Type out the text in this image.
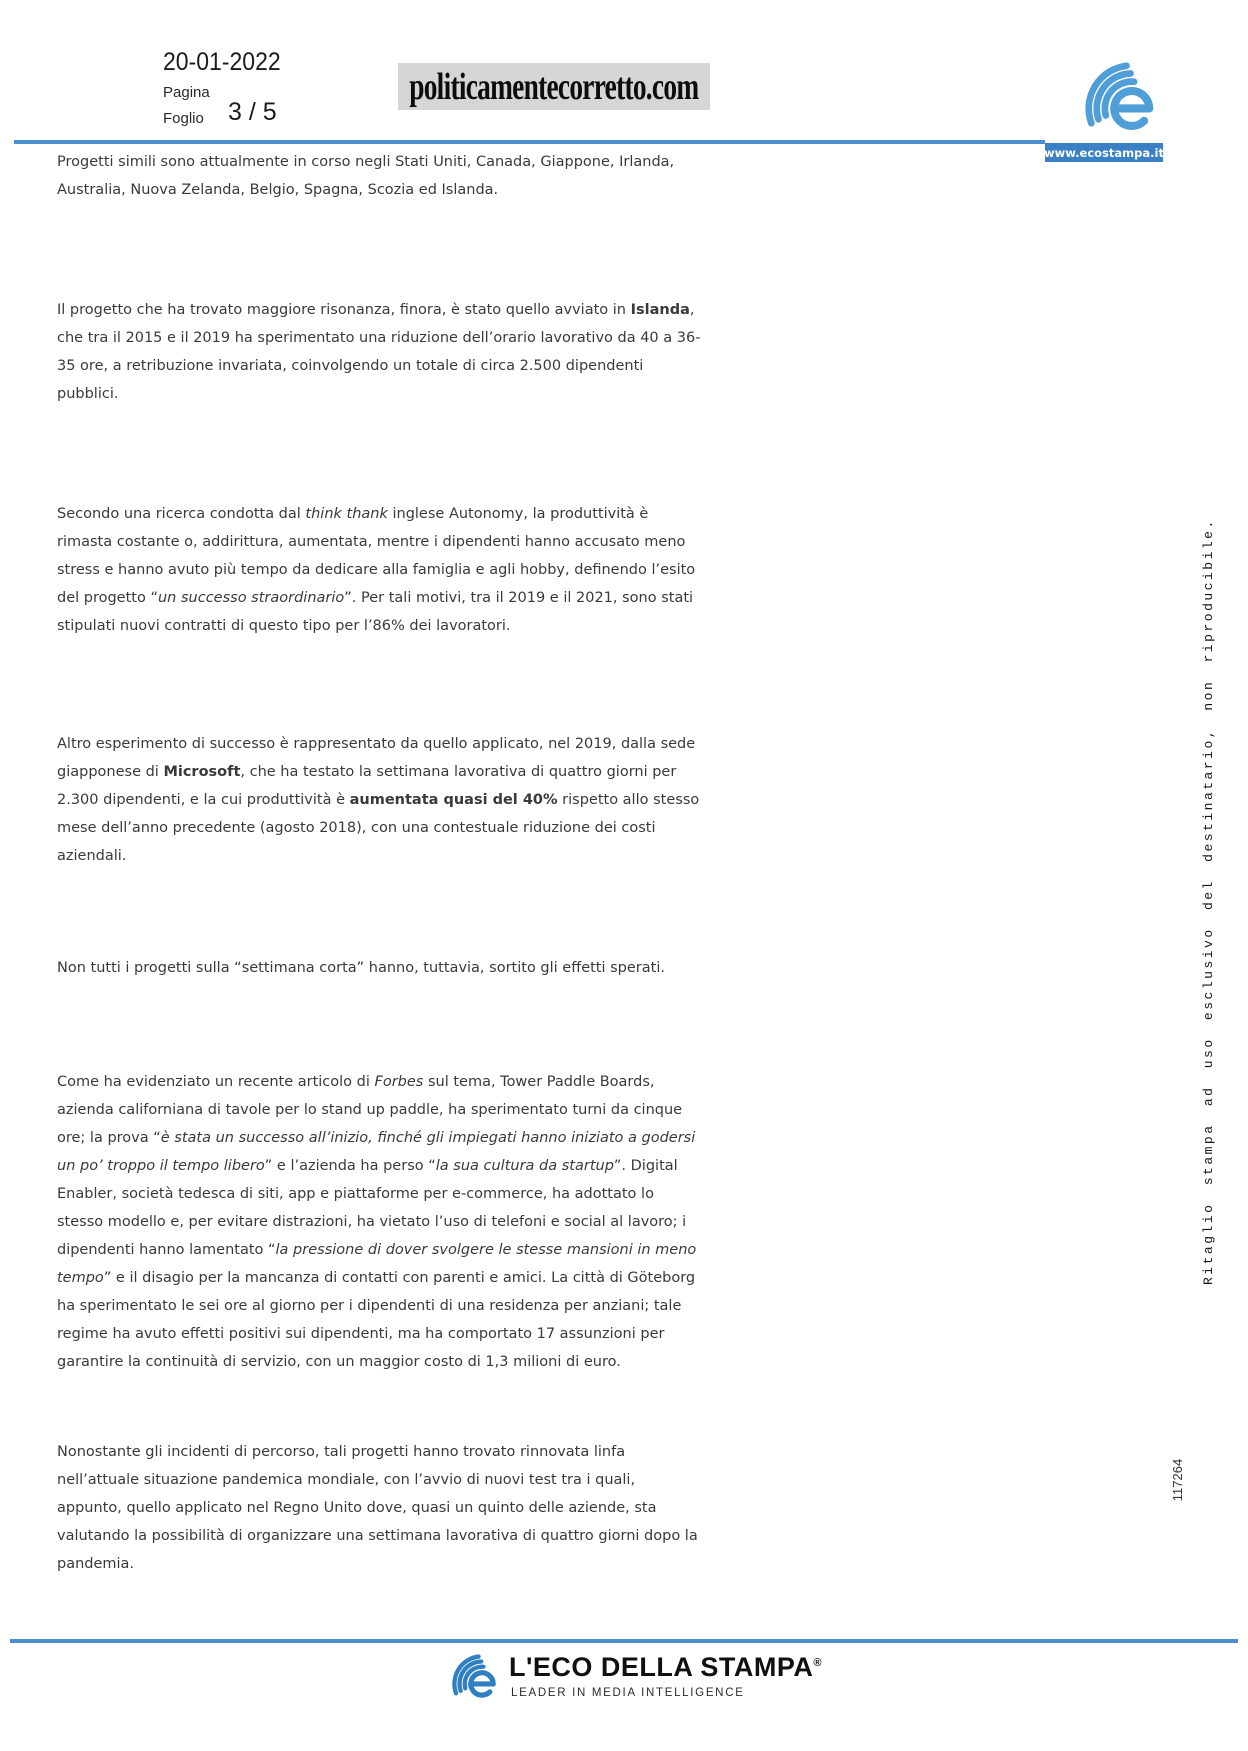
20-01-2022
Pagina
Foglio 3 / 5
politicamentecorretto.com
www.ecostampa.it
Progetti simili sono attualmente in corso negli Stati Uniti, Canada, Giappone, Irlanda, Australia, Nuova Zelanda, Belgio, Spagna, Scozia ed Islanda.
Il progetto che ha trovato maggiore risonanza, finora, è stato quello avviato in Islanda, che tra il 2015 e il 2019 ha sperimentato una riduzione dell’orario lavorativo da 40 a 36-35 ore, a retribuzione invariata, coinvolgendo un totale di circa 2.500 dipendenti pubblici.
Secondo una ricerca condotta dal think thank inglese Autonomy, la produttività è rimasta costante o, addirittura, aumentata, mentre i dipendenti hanno accusato meno stress e hanno avuto più tempo da dedicare alla famiglia e agli hobby, definendo l’esito del progetto “un successo straordinario”. Per tali motivi, tra il 2019 e il 2021, sono stati stipulati nuovi contratti di questo tipo per l’86% dei lavoratori.
Altro esperimento di successo è rappresentato da quello applicato, nel 2019, dalla sede giapponese di Microsoft, che ha testato la settimana lavorativa di quattro giorni per 2.300 dipendenti, e la cui produttività è aumentata quasi del 40% rispetto allo stesso mese dell’anno precedente (agosto 2018), con una contestuale riduzione dei costi aziendali.
Non tutti i progetti sulla “settimana corta” hanno, tuttavia, sortito gli effetti sperati.
Come ha evidenziato un recente articolo di Forbes sul tema, Tower Paddle Boards, azienda californiana di tavole per lo stand up paddle, ha sperimentato turni da cinque ore; la prova “è stata un successo all’inizio, finché gli impiegati hanno iniziato a godersi un po’ troppo il tempo libero” e l’azienda ha perso “la sua cultura da startup”. Digital Enabler, società tedesca di siti, app e piattaforme per e-commerce, ha adottato lo stesso modello e, per evitare distrazioni, ha vietato l’uso di telefoni e social al lavoro; i dipendenti hanno lamentato “la pressione di dover svolgere le stesse mansioni in meno tempo” e il disagio per la mancanza di contatti con parenti e amici. La città di Göteborg ha sperimentato le sei ore al giorno per i dipendenti di una residenza per anziani; tale regime ha avuto effetti positivi sui dipendenti, ma ha comportato 17 assunzioni per garantire la continuità di servizio, con un maggior costo di 1,3 milioni di euro.
Nonostante gli incidenti di percorso, tali progetti hanno trovato rinnovata linfa nell’attuale situazione pandemica mondiale, con l’avvio di nuovi test tra i quali, appunto, quello applicato nel Regno Unito dove, quasi un quinto delle aziende, sta valutando la possibilità di organizzare una settimana lavorativa di quattro giorni dopo la pandemia.
Ritaglio stampa ad uso esclusivo del destinatario, non riproducibile.
117264
L'ECO DELLA STAMPA®
LEADER IN MEDIA INTELLIGENCE
